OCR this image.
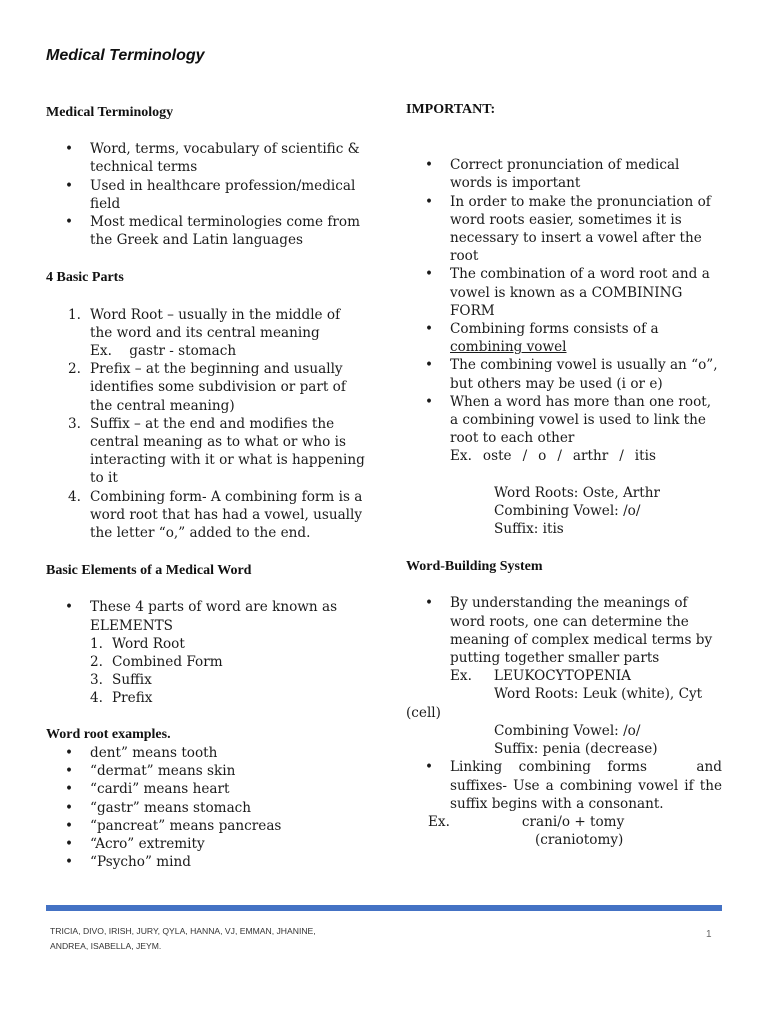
Medical Terminology
Medical Terminology
• Word, terms, vocabulary of scientific & technical terms
• Used in healthcare profession/medical field
• Most medical terminologies come from the Greek and Latin languages
4 Basic Parts
1. Word Root – usually in the middle of the word and its central meaning
Ex.    gastr - stomach
2. Prefix – at the beginning and usually identifies some subdivision or part of the central meaning)
3. Suffix – at the end and modifies the central meaning as to what or who is interacting with it or what is happening to it
4. Combining form- A combining form is a word root that has had a vowel, usually the letter “o,” added to the end.
Basic Elements of a Medical Word
• These 4 parts of word are known as ELEMENTS
1. Word Root
2. Combined Form
3. Suffix
4. Prefix
Word root examples.
• dent” means tooth
• “dermat” means skin
• “cardi” means heart
• “gastr” means stomach
• “pancreat” means pancreas
• “Acro” extremity
• “Psycho” mind
IMPORTANT:
• Correct pronunciation of medical words is important
• In order to make the pronunciation of word roots easier, sometimes it is necessary to insert a vowel after the root
• The combination of a word root and a vowel is known as a COMBINING FORM
• Combining forms consists of a
combining vowel
• The combining vowel is usually an “o”, but others may be used (i or e)
• When a word has more than one root, a combining vowel is used to link the root to each other
Ex. oste / o / arthr / itis
Word Roots: Oste, Arthr
Combining Vowel: /o/
Suffix: itis
Word-Building System
• By understanding the meanings of word roots, one can determine the meaning of complex medical terms by putting together smaller parts
Ex. LEUKOCYTOPENIA
Word Roots: Leuk (white), Cyt
(cell)
Combining Vowel: /o/
Suffix: penia (decrease)
• Linking combining forms   and suffixes- Use a combining vowel if the suffix begins with a consonant.
Ex.	crani/o + tomy
(craniotomy)
TRICIA, DIVO, IRISH, JURY, QYLA, HANNA, VJ, EMMAN, JHANINE,
ANDREA, ISABELLA, JEYM.
1
